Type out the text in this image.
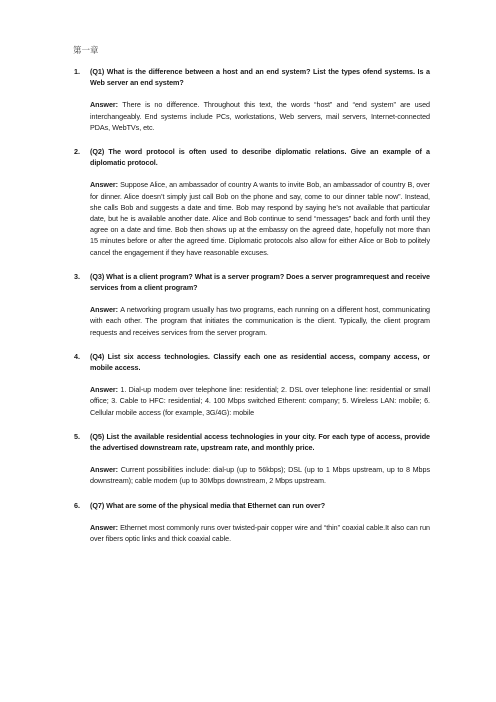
第一章
1. (Q1) What is the difference between a host and an end system? List the types ofend systems. Is a Web server an end system?
Answer: There is no difference. Throughout this text, the words “host” and “end system” are used interchangeably. End systems include PCs, workstations, Web servers, mail servers, Internet-connected PDAs, WebTVs, etc.
2. (Q2) The word protocol is often used to describe diplomatic relations. Give an example of a diplomatic protocol.
Answer: Suppose Alice, an ambassador of country A wants to invite Bob, an ambassador of country B, over for dinner. Alice doesn’t simply just call Bob on the phone and say, come to our dinner table now”. Instead, she calls Bob and suggests a date and time. Bob may respond by saying he’s not available that particular date, but he is available another date. Alice and Bob continue to send “messages” back and forth until they agree on a date and time. Bob then shows up at the embassy on the agreed date, hopefully not more than 15 minutes before or after the agreed time. Diplomatic protocols also allow for either Alice or Bob to politely cancel the engagement if they have reasonable excuses.
3. (Q3) What is a client program? What is a server program? Does a server programrequest and receive services from a client program?
Answer: A networking program usually has two programs, each running on a different host, communicating with each other. The program that initiates the communication is the client. Typically, the client program requests and receives services from the server program.
4. (Q4) List six access technologies. Classify each one as residential access, company access, or mobile access.
Answer: 1. Dial-up modem over telephone line: residential; 2. DSL over telephone line: residential or small office; 3. Cable to HFC: residential; 4. 100 Mbps switched Etherent: company; 5. Wireless LAN: mobile; 6. Cellular mobile access (for example, 3G/4G): mobile
5. (Q5) List the available residential access technologies in your city. For each type of access, provide the advertised downstream rate, upstream rate, and monthly price.
Answer: Current possibilities include: dial-up (up to 56kbps); DSL (up to 1 Mbps upstream, up to 8 Mbps downstream); cable modem (up to 30Mbps downstream, 2 Mbps upstream.
6. (Q7) What are some of the physical media that Ethernet can run over?
Answer: Ethernet most commonly runs over twisted-pair copper wire and “thin” coaxial cable.It also can run over fibers optic links and thick coaxial cable.
